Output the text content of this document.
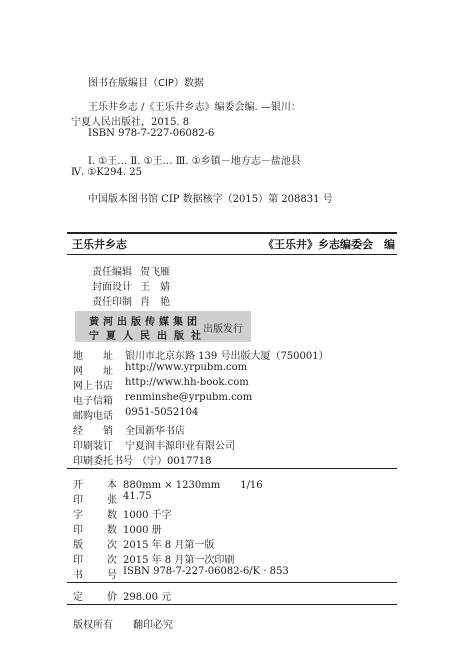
图书在版编目（CIP）数据
王乐井乡志 /《王乐井乡志》编委会编. —银川：
宁夏人民出版社，2015. 8
ISBN 978-7-227-06082-6
Ⅰ. ①王… Ⅱ. ①王… Ⅲ. ①乡镇－地方志－盐池县
Ⅳ. ①K294. 25
中国版本图书馆 CIP 数据核字（2015）第 208831 号
王乐井乡志	《王乐井》乡志编委会　编
责任编辑 贺飞雁
封面设计 王　婧
责任印制 肖　艳
黄河出版传媒集团
宁夏人民出版社
出版发行
地　　址 银川市北京东路 139 号出版大厦（750001）
网　　址 http://www.yrpubm.com
网上书店 http://www.hh-book.com
电子信箱 renminshe@yrpubm.com
邮购电话 0951-5052104
经　　销 全国新华书店
印刷装订 宁夏润丰源印业有限公司
印刷委托书号 （宁）0017718
开 本 880mm × 1230mm　　1/16
印 张 41.75
字 数 1000 千字
印 数 1000 册
版 次 2015 年 8 月第一版
印 次 2015 年 8 月第一次印刷
书 号 ISBN 978-7-227-06082-6/K · 853
定 价 298.00 元
版权所有 翻印必究
